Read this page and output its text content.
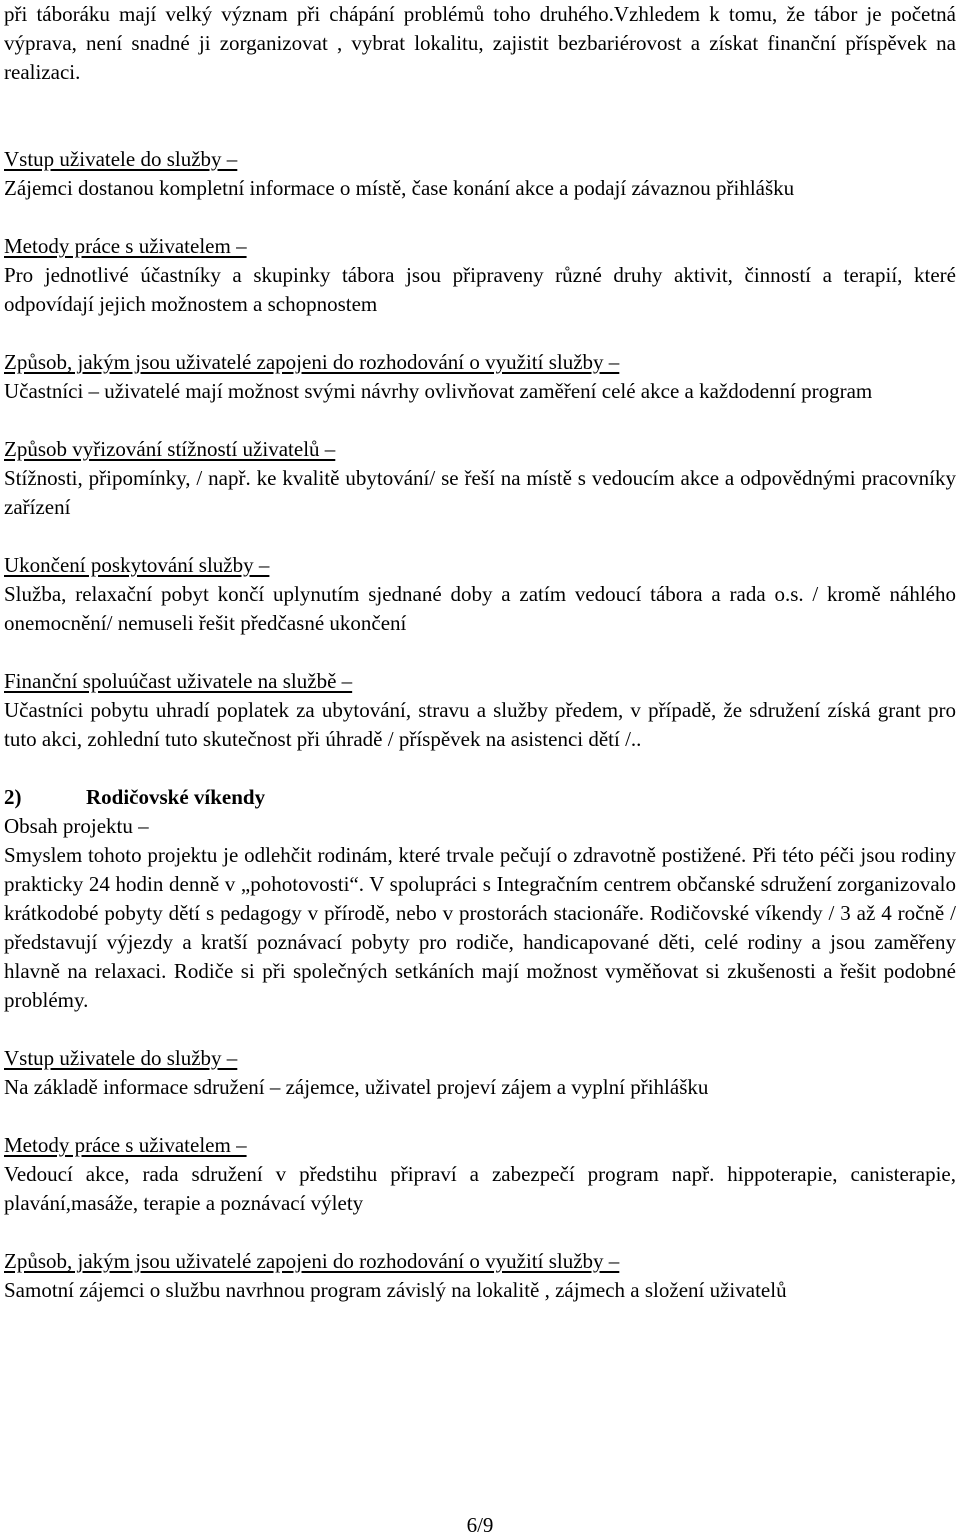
při táboráku mají velký význam při chápání problémů toho druhého.Vzhledem k tomu, že tábor je početná výprava, není snadné ji zorganizovat , vybrat lokalitu, zajistit bezbariérovost a získat finanční příspěvek na realizaci.

Vstup uživatele do služby –

Zájemci dostanou kompletní informace o místě, čase konání akce a podají závaznou přihlášku

Metody práce s uživatelem –

Pro jednotlivé účastníky a skupinky tábora jsou připraveny různé druhy aktivit, činností a terapií, které odpovídají jejich možnostem a schopnostem

Způsob, jakým jsou uživatelé zapojeni do rozhodování o využití služby –

Učastníci – uživatelé mají možnost svými návrhy ovlivňovat zaměření celé akce a každodenní program

Způsob vyřizování stížností uživatelů –

Stížnosti, připomínky, / např. ke kvalitě ubytování/ se řeší na místě s vedoucím akce a odpovědnými pracovníky zařízení

Ukončení poskytování služby –

Služba, relaxační pobyt končí uplynutím sjednané doby a zatím vedoucí tábora a rada o.s. / kromě náhlého onemocnění/ nemuseli řešit předčasné ukončení

Finanční spoluúčast uživatele na službě –

Učastníci pobytu uhradí poplatek za ubytování, stravu a služby předem, v případě, že sdružení získá grant pro tuto akci, zohlední tuto skutečnost při úhradě / příspěvek na asistenci dětí /..

2)	Rodičovské víkendy

Obsah projektu –

Smyslem tohoto projektu je odlehčit rodinám, které trvale pečují o zdravotně postižené. Při této péči jsou rodiny prakticky 24 hodin denně v „pohotovosti“. V spolupráci s Integračním centrem občanské sdružení zorganizovalo krátkodobé pobyty dětí s pedagogy v přírodě, nebo v prostorách stacionáře. Rodičovské víkendy / 3 až 4 ročně / představují výjezdy a kratší poznávací pobyty pro rodiče, handicapované děti, celé rodiny a jsou zaměřeny hlavně na relaxaci. Rodiče si při společných setkáních mají možnost vyměňovat si zkušenosti a řešit podobné problémy.

Vstup uživatele do služby –

Na základě informace sdružení – zájemce, uživatel projeví zájem a vyplní přihlášku

Metody práce s uživatelem –

Vedoucí akce, rada sdružení v předstihu připraví a zabezpečí program např. hippoterapie, canisterapie, plavání,masáže, terapie a poznávací výlety

Způsob, jakým jsou uživatelé zapojeni do rozhodování o využití služby –

Samotní zájemci o službu navrhnou program závislý na lokalitě , zájmech a složení uživatelů

6/9
